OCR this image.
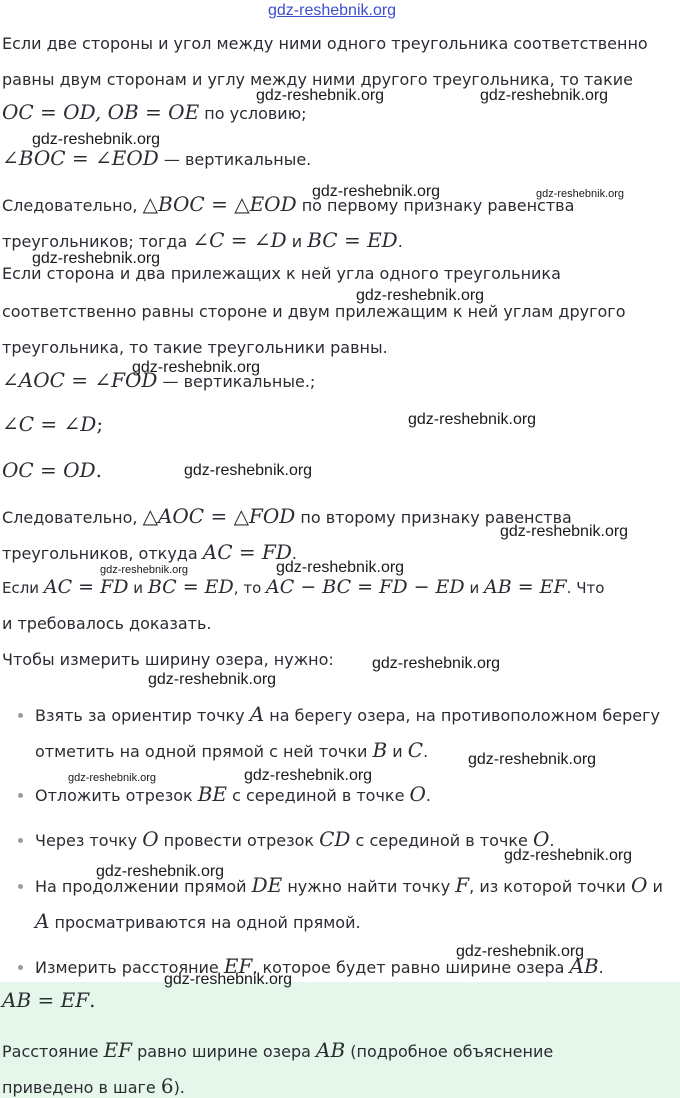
gdz-reshebnik.org
Если две стороны и угол между ними одного треугольника соответственно
равны двум сторонам и углу между ними другого треугольника, то такие
OC = OD, OB = OE по условию;
∠BOC = ∠EOD — вертикальные.
Следовательно, △BOC = △EOD по первому признаку равенства
треугольников; тогда ∠C = ∠D и BC = ED.
Если сторона и два прилежащих к ней угла одного треугольника
соответственно равны стороне и двум прилежащим к ней углам другого
треугольника, то такие треугольники равны.
∠AOC = ∠FOD — вертикальные.;
∠C = ∠D;
OC = OD.
Следовательно, △AOC = △FOD по второму признаку равенства
треугольников, откуда AC = FD.
Если AC = FD и BC = ED, то AC − BC = FD − ED и AB = EF. Что
и требовалось доказать.
Чтобы измерить ширину озера, нужно:
Взять за ориентир точку A на берегу озера, на противоположном берегу
отметить на одной прямой с ней точки B и C.
Отложить отрезок BE с серединой в точке O.
Через точку O провести отрезок CD с серединой в точке O.
На продолжении прямой DE нужно найти точку F, из которой точки O и
A просматриваются на одной прямой.
Измерить расстояние EF, которое будет равно ширине озера AB.
AB = EF.
Расстояние EF равно ширине озера AB (подробное объяснение
приведено в шаге 6).
gdz-reshebnik.org	gdz-reshebnik.org
gdz-reshebnik.org
gdz-reshebnik.org	gdz-reshebnik.org
gdz-reshebnik.org
gdz-reshebnik.org
gdz-reshebnik.org
gdz-reshebnik.org
gdz-reshebnik.org
gdz-reshebnik.org
gdz-reshebnik.org	gdz-reshebnik.org
gdz-reshebnik.org
gdz-reshebnik.org
gdz-reshebnik.org
gdz-reshebnik.org	gdz-reshebnik.org
gdz-reshebnik.org
gdz-reshebnik.org
gdz-reshebnik.org
gdz-reshebnik.org
